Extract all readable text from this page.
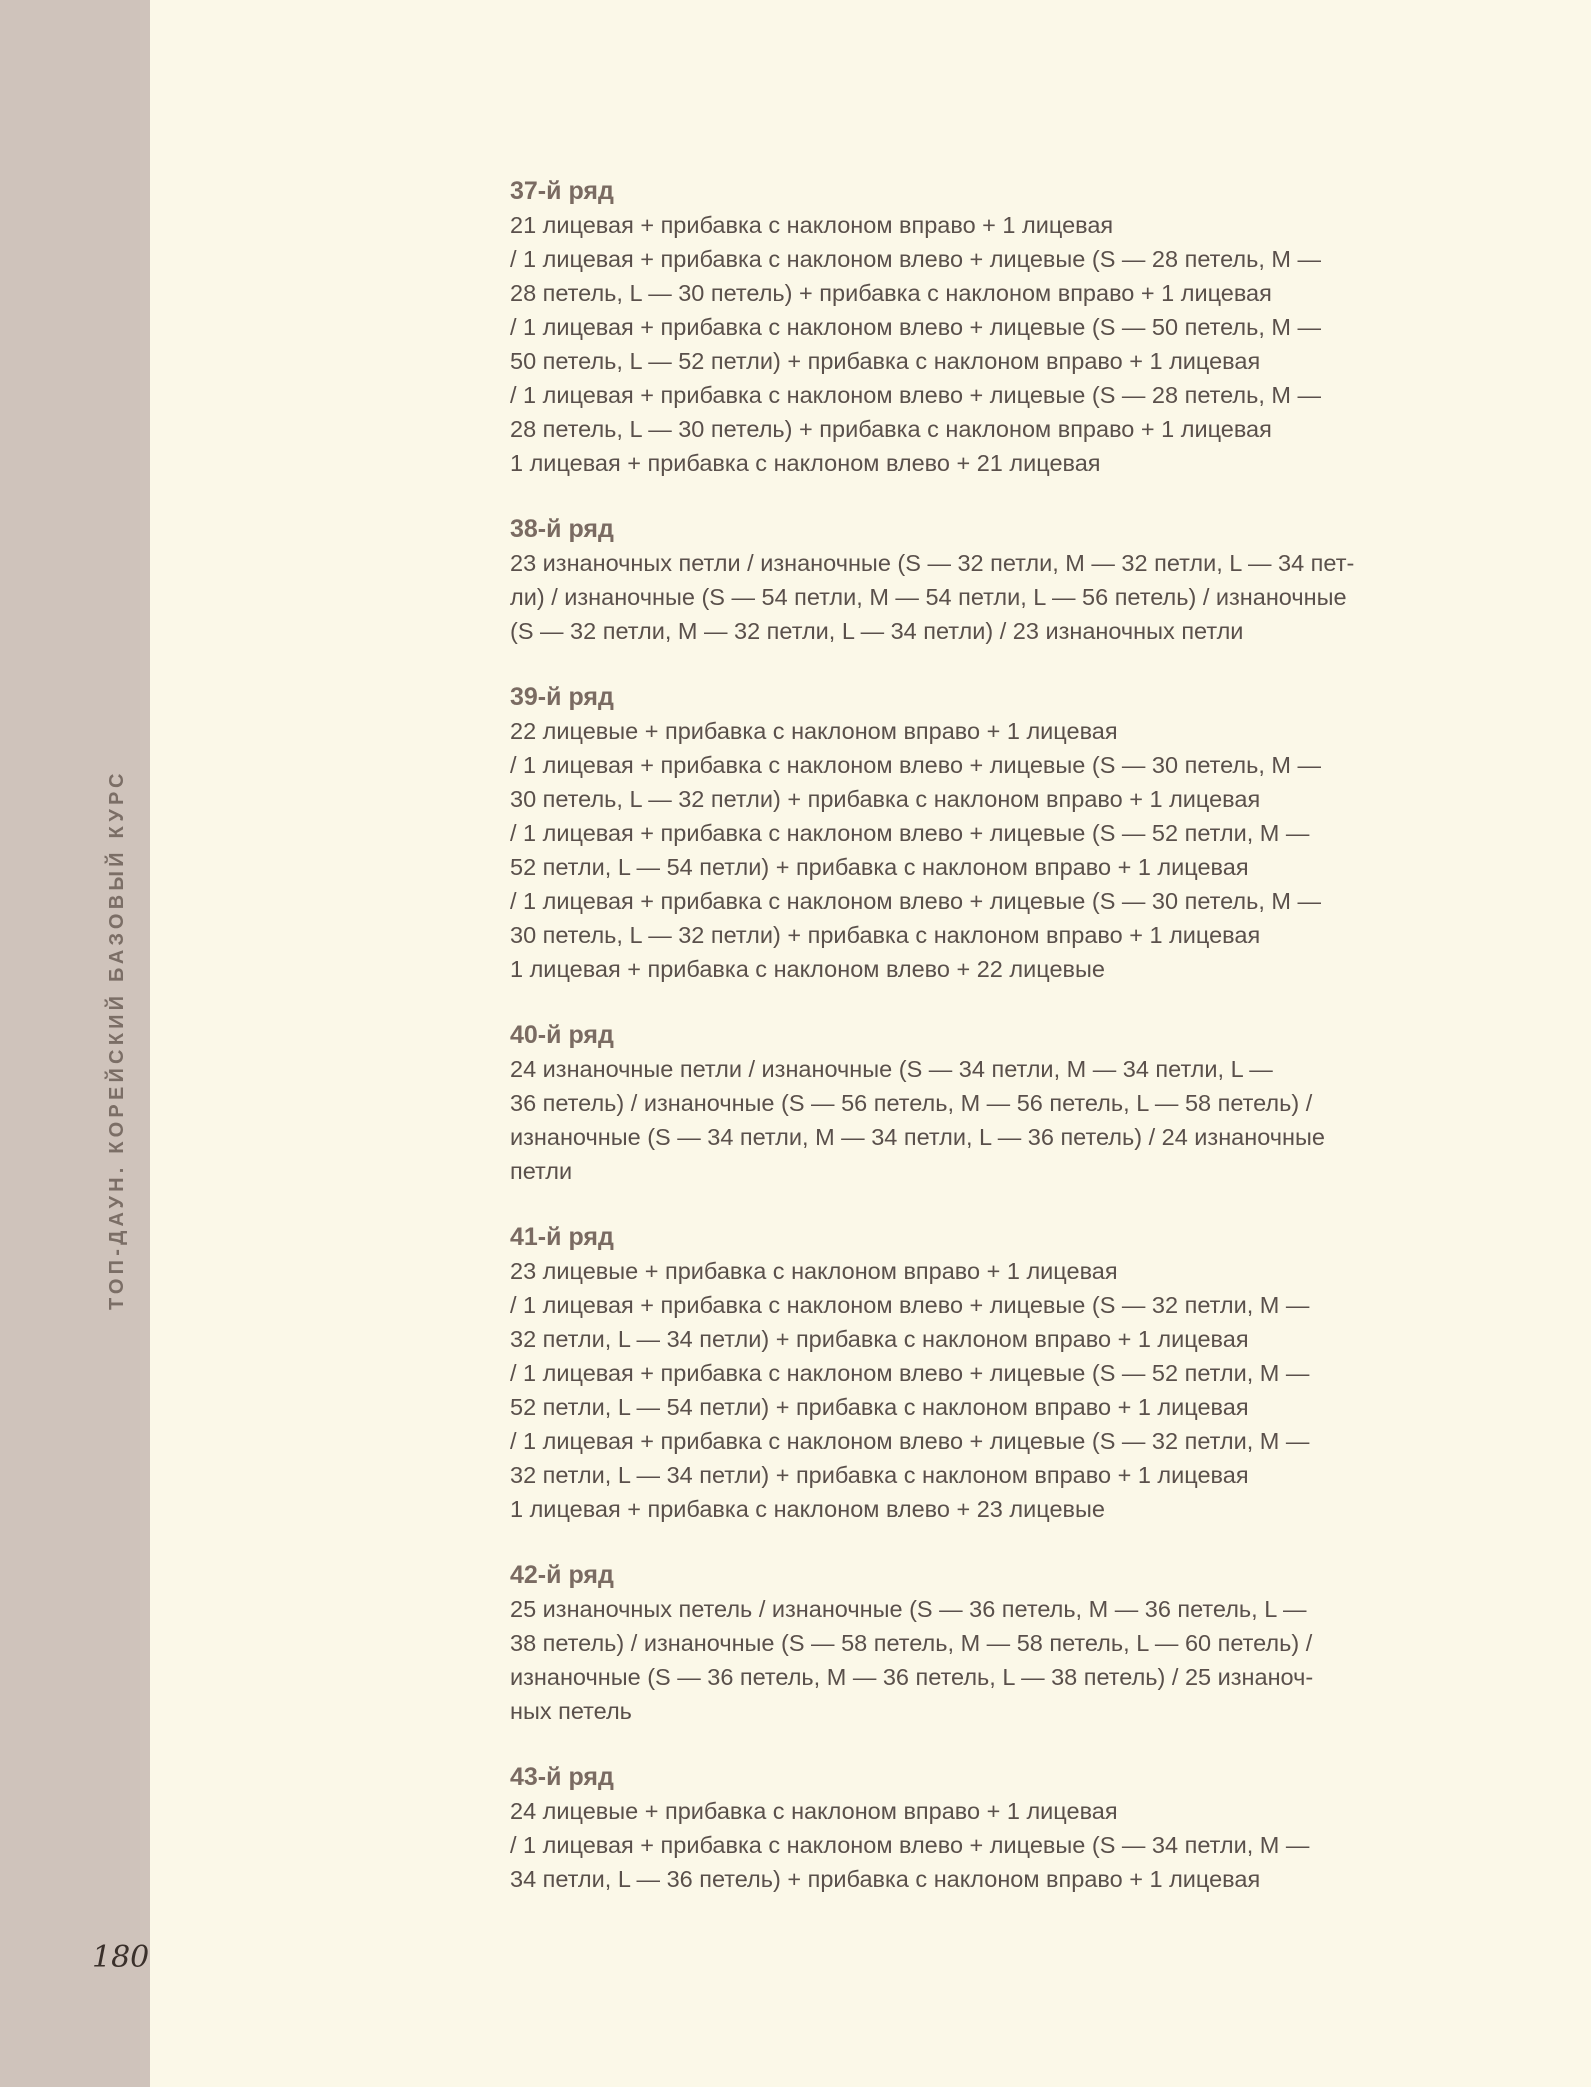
ТОП-ДАУН. КОРЕЙСКИЙ БАЗОВЫЙ КУРС
180
37-й ряд
21 лицевая + прибавка с наклоном вправо + 1 лицевая
/ 1 лицевая + прибавка с наклоном влево + лицевые (S — 28 петель, M —
28 петель, L — 30 петель) + прибавка с наклоном вправо + 1 лицевая
/ 1 лицевая + прибавка с наклоном влево + лицевые (S — 50 петель, M —
50 петель, L — 52 петли) + прибавка с наклоном вправо + 1 лицевая
/ 1 лицевая + прибавка с наклоном влево + лицевые (S — 28 петель, M —
28 петель, L — 30 петель) + прибавка с наклоном вправо + 1 лицевая
1 лицевая + прибавка с наклоном влево + 21 лицевая
38-й ряд
23 изнаночных петли / изнаночные (S — 32 петли, M — 32 петли, L — 34 пет-
ли) / изнаночные (S — 54 петли, M — 54 петли, L — 56 петель) / изнаночные
(S — 32 петли, M — 32 петли, L — 34 петли) / 23 изнаночных петли
39-й ряд
22 лицевые + прибавка с наклоном вправо + 1 лицевая
/ 1 лицевая + прибавка с наклоном влево + лицевые (S — 30 петель, M —
30 петель, L — 32 петли) + прибавка с наклоном вправо + 1 лицевая
/ 1 лицевая + прибавка с наклоном влево + лицевые (S — 52 петли, M —
52 петли, L — 54 петли) + прибавка с наклоном вправо + 1 лицевая
/ 1 лицевая + прибавка с наклоном влево + лицевые (S — 30 петель, M —
30 петель, L — 32 петли) + прибавка с наклоном вправо + 1 лицевая
1 лицевая + прибавка с наклоном влево + 22 лицевые
40-й ряд
24 изнаночные петли / изнаночные (S — 34 петли, M — 34 петли, L —
36 петель) / изнаночные (S — 56 петель, M — 56 петель, L — 58 петель) /
изнаночные (S — 34 петли, M — 34 петли, L — 36 петель) / 24 изнаночные
петли
41-й ряд
23 лицевые + прибавка с наклоном вправо + 1 лицевая
/ 1 лицевая + прибавка с наклоном влево + лицевые (S — 32 петли, M —
32 петли, L — 34 петли) + прибавка с наклоном вправо + 1 лицевая
/ 1 лицевая + прибавка с наклоном влево + лицевые (S — 52 петли, M —
52 петли, L — 54 петли) + прибавка с наклоном вправо + 1 лицевая
/ 1 лицевая + прибавка с наклоном влево + лицевые (S — 32 петли, M —
32 петли, L — 34 петли) + прибавка с наклоном вправо + 1 лицевая
1 лицевая + прибавка с наклоном влево + 23 лицевые
42-й ряд
25 изнаночных петель / изнаночные (S — 36 петель, M — 36 петель, L —
38 петель) / изнаночные (S — 58 петель, M — 58 петель, L — 60 петель) /
изнаночные (S — 36 петель, M — 36 петель, L — 38 петель) / 25 изнаноч-
ных петель
43-й ряд
24 лицевые + прибавка с наклоном вправо + 1 лицевая
/ 1 лицевая + прибавка с наклоном влево + лицевые (S — 34 петли, M —
34 петли, L — 36 петель) + прибавка с наклоном вправо + 1 лицевая
